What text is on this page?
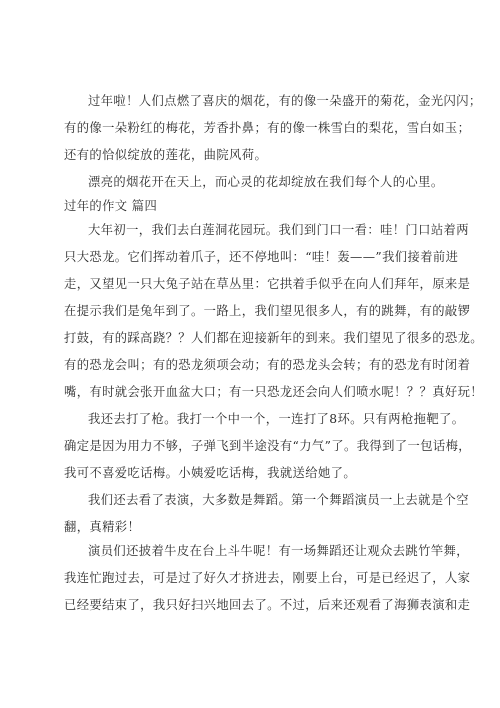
过年啦！人们点燃了喜庆的烟花，有的像一朵盛开的菊花，金光闪闪；
有的像一朵粉红的梅花，芳香扑鼻；有的像一株雪白的梨花，雪白如玉；
还有的恰似绽放的莲花，曲院风荷。
漂亮的烟花开在天上，而心灵的花却绽放在我们每个人的心里。
过年的作文 篇四
大年初一，我们去白莲洞花园玩。我们到门口一看：哇！门口站着两
只大恐龙。它们挥动着爪子，还不停地叫：“哇！轰——”我们接着前进
走，又望见一只大兔子站在草丛里：它拱着手似乎在向人们拜年，原来是
在提示我们是兔年到了。一路上，我们望见很多人，有的跳舞，有的敲锣
打鼓，有的踩高跷？？人们都在迎接新年的到来。我们望见了很多的恐龙。
有的恐龙会叫；有的恐龙须项会动；有的恐龙头会转；有的恐龙有时闭着
嘴，有时就会张开血盆大口；有一只恐龙还会向人们喷水呢！？？真好玩！
我还去打了枪。我打一个中一个，一连打了8环。只有两枪拖靶了。
确定是因为用力不够，子弹飞到半途没有“力气”了。我得到了一包话梅，
我可不喜爱吃话梅。小姨爱吃话梅，我就送给她了。
我们还去看了表演，大多数是舞蹈。第一个舞蹈演员一上去就是个空
翻，真精彩！
演员们还披着牛皮在台上斗牛呢！有一场舞蹈还让观众去跳竹竿舞，
我连忙跑过去，可是过了好久才挤进去，刚要上台，可是已经迟了，人家
已经要结束了，我只好扫兴地回去了。不过，后来还观看了海狮表演和走
